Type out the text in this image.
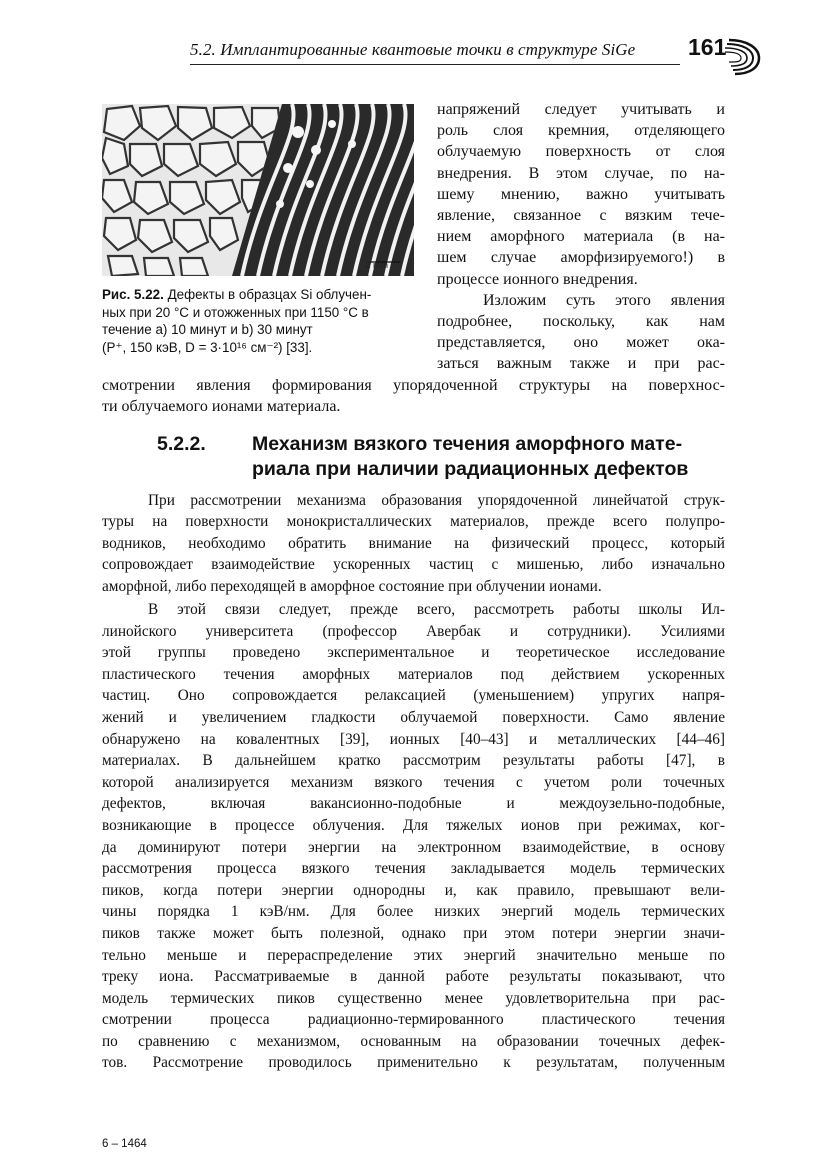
5.2. Имплантированные квантовые точки в структуре SiGe 161
2 mm
Рис. 5.22. Дефекты в образцах Si облучен-
ных при 20 °C и отожженных при 1150 °C в
течение a) 10 минут и b) 30 минут
(P⁺, 150 кэВ, D = 3·10¹⁶ см⁻²) [33].
напряжений следует учитывать и
роль слоя кремния, отделяющего
облучаемую поверхность от слоя
внедрения. В этом случае, по на-
шему мнению, важно учитывать
явление, связанное с вязким тече-
нием аморфного материала (в на-
шем случае аморфизируемого!) в
процессе ионного внедрения.
Изложим суть этого явления
подробнее, поскольку, как нам
представляется, оно может ока-
заться важным также и при рас-
смотрении явления формирования упорядоченной структуры на поверхнос-
ти облучаемого ионами материала.
5.2.2. Механизм вязкого течения аморфного мате-
риала при наличии радиационных дефектов
При рассмотрении механизма образования упорядоченной линейчатой струк-
туры на поверхности монокристаллических материалов, прежде всего полупро-
водников, необходимо обратить внимание на физический процесс, который
сопровождает взаимодействие ускоренных частиц с мишенью, либо изначально
аморфной, либо переходящей в аморфное состояние при облучении ионами.
В этой связи следует, прежде всего, рассмотреть работы школы Ил-
линойского университета (профессор Авербак и сотрудники). Усилиями
этой группы проведено экспериментальное и теоретическое исследование
пластического течения аморфных материалов под действием ускоренных
частиц. Оно сопровождается релаксацией (уменьшением) упругих напря-
жений и увеличением гладкости облучаемой поверхности. Само явление
обнаружено на ковалентных [39], ионных [40–43] и металлических [44–46]
материалах. В дальнейшем кратко рассмотрим результаты работы [47], в
которой анализируется механизм вязкого течения с учетом роли точечных
дефектов, включая вакансионно-подобные и междоузельно-подобные,
возникающие в процессе облучения. Для тяжелых ионов при режимах, ког-
да доминируют потери энергии на электронном взаимодействие, в основу
рассмотрения процесса вязкого течения закладывается модель термических
пиков, когда потери энергии однородны и, как правило, превышают вели-
чины порядка 1 кэВ/нм. Для более низких энергий модель термических
пиков также может быть полезной, однако при этом потери энергии значи-
тельно меньше и перераспределение этих энергий значительно меньше по
треку иона. Рассматриваемые в данной работе результаты показывают, что
модель термических пиков существенно менее удовлетворительна при рас-
смотрении процесса радиационно-термированного пластического течения
по сравнению с механизмом, основанным на образовании точечных дефек-
тов. Рассмотрение проводилось применительно к результатам, полученным
6 – 1464
